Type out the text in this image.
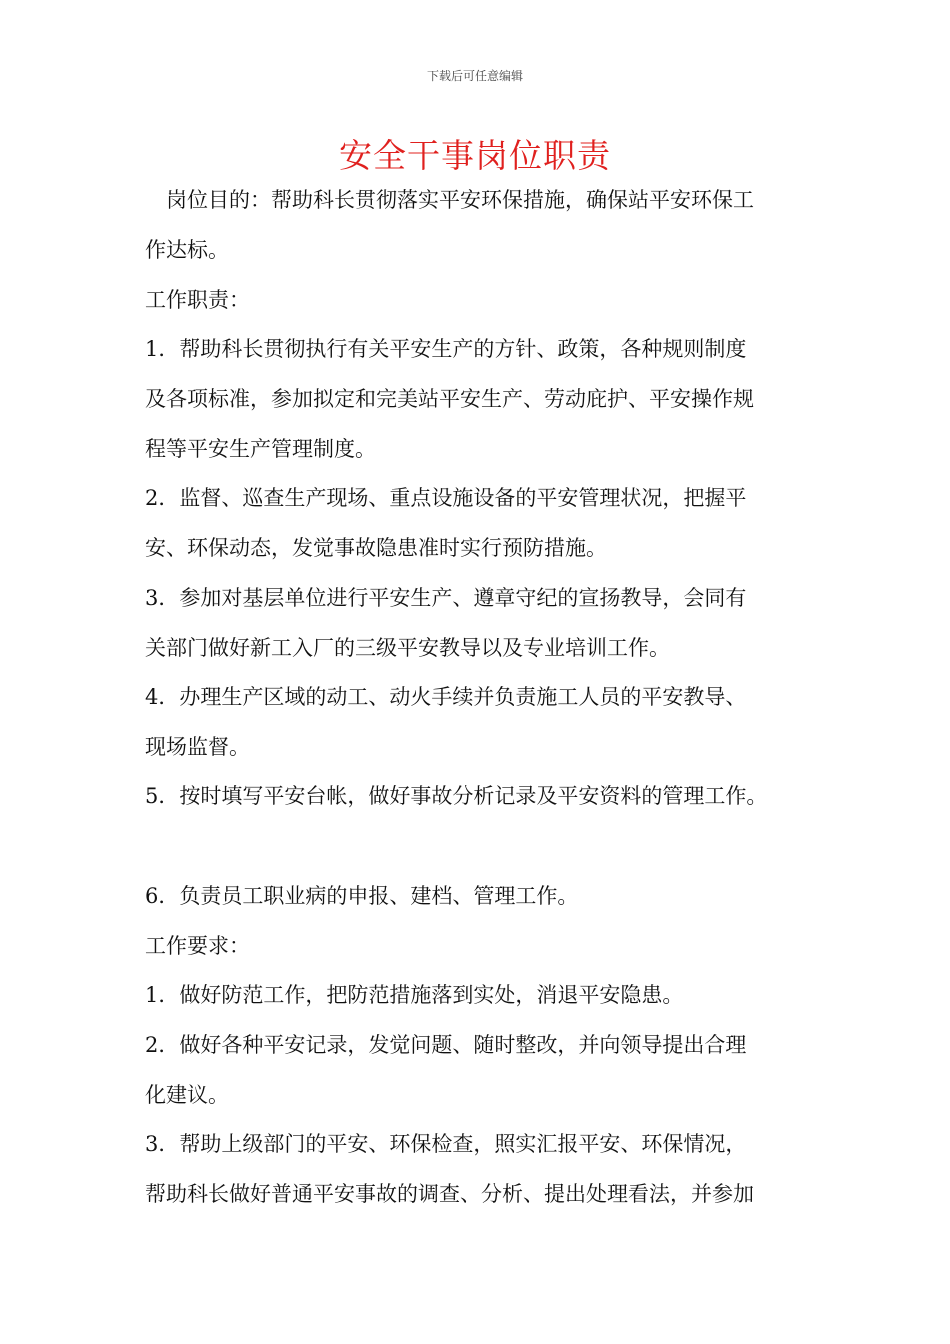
下载后可任意编辑
安全干事岗位职责
　岗位目的：帮助科长贯彻落实平安环保措施，确保站平安环保工
作达标。
工作职责：
1．帮助科长贯彻执行有关平安生产的方针、政策，各种规则制度
及各项标准，参加拟定和完美站平安生产、劳动庇护、平安操作规
程等平安生产管理制度。
2．监督、巡查生产现场、重点设施设备的平安管理状况，把握平
安、环保动态，发觉事故隐患准时实行预防措施。
3．参加对基层单位进行平安生产、遵章守纪的宣扬教导，会同有
关部门做好新工入厂的三级平安教导以及专业培训工作。
4．办理生产区域的动工、动火手续并负责施工人员的平安教导、
现场监督。
5．按时填写平安台帐，做好事故分析记录及平安资料的管理工作。
6．负责员工职业病的申报、建档、管理工作。
工作要求：
1．做好防范工作，把防范措施落到实处，消退平安隐患。
2．做好各种平安记录，发觉问题、随时整改，并向领导提出合理
化建议。
3．帮助上级部门的平安、环保检查，照实汇报平安、环保情况，
帮助科长做好普通平安事故的调查、分析、提出处理看法，并参加
